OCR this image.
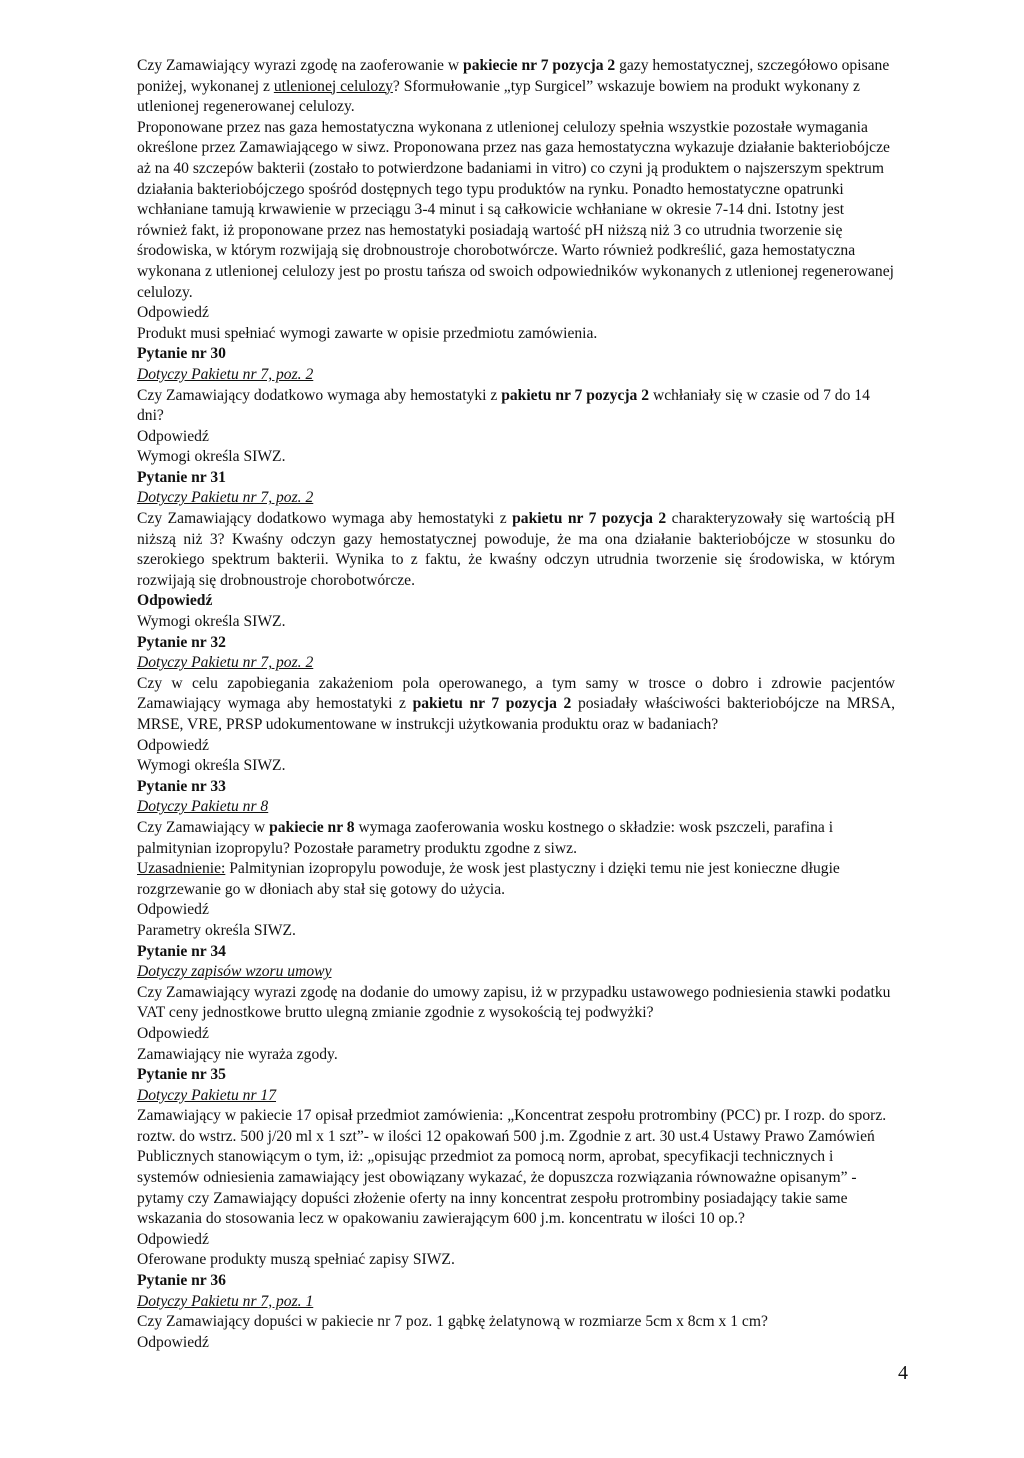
Czy Zamawiający wyrazi zgodę na zaoferowanie w pakiecie nr 7 pozycja 2 gazy hemostatycznej, szczegółowo opisane poniżej, wykonanej z utlenionej celulozy? Sformułowanie „typ Surgicel” wskazuje bowiem na produkt wykonany z utlenionej regenerowanej celulozy.

Proponowane przez nas gaza hemostatyczna wykonana z utlenionej celulozy spełnia wszystkie pozostałe wymagania określone przez Zamawiającego w siwz. Proponowana przez nas gaza hemostatyczna wykazuje działanie bakteriobójcze aż na 40 szczepów bakterii (zostało to potwierdzone badaniami in vitro) co czyni ją produktem o najszerszym spektrum działania bakteriobójczego spośród dostępnych tego typu produktów na rynku. Ponadto hemostatyczne opatrunki wchłaniane tamują krwawienie w przeciągu 3-4 minut i są całkowicie wchłaniane w okresie 7-14 dni. Istotny jest również fakt, iż proponowane przez nas hemostatyki posiadają wartość pH niższą niż 3 co utrudnia tworzenie się środowiska, w którym rozwijają się drobnoustroje chorobotwórcze. Warto również podkreślić, gaza hemostatyczna wykonana z utlenionej celulozy jest po prostu tańsza od swoich odpowiedników wykonanych z utlenionej regenerowanej celulozy.

Odpowiedź

Produkt musi spełniać wymogi zawarte w opisie przedmiotu zamówienia.

Pytanie nr 30

Dotyczy Pakietu nr 7, poz. 2

Czy Zamawiający dodatkowo wymaga aby hemostatyki z pakietu nr 7 pozycja 2 wchłaniały się w czasie od 7 do 14 dni?

Odpowiedź

Wymogi określa SIWZ.

Pytanie nr 31

Dotyczy Pakietu nr 7, poz. 2

Czy Zamawiający dodatkowo wymaga aby hemostatyki z pakietu nr 7 pozycja 2 charakteryzowały się wartością pH niższą niż 3? Kwaśny odczyn gazy hemostatycznej powoduje, że ma ona działanie bakteriobójcze w stosunku do szerokiego spektrum bakterii. Wynika to z faktu, że kwaśny odczyn utrudnia tworzenie się środowiska, w którym rozwijają się drobnoustroje chorobotwórcze.

Odpowiedź

Wymogi określa SIWZ.

Pytanie nr 32

Dotyczy Pakietu nr 7, poz. 2

Czy w celu zapobiegania zakażeniom pola operowanego, a tym samy w trosce o dobro i zdrowie pacjentów Zamawiający wymaga aby hemostatyki z pakietu nr 7 pozycja 2 posiadały właściwości bakteriobójcze na MRSA, MRSE, VRE, PRSP udokumentowane w instrukcji użytkowania produktu oraz w badaniach?

Odpowiedź

Wymogi określa SIWZ.

Pytanie nr 33

Dotyczy Pakietu nr 8

Czy Zamawiający w pakiecie nr 8 wymaga zaoferowania wosku kostnego o składzie: wosk pszczeli, parafina i palmitynian izopropylu? Pozostałe parametry produktu zgodne z siwz.

Uzasadnienie: Palmitynian izopropylu powoduje, że wosk jest plastyczny i dzięki temu nie jest konieczne długie rozgrzewanie go w dłoniach aby stał się gotowy do użycia.

Odpowiedź

Parametry określa SIWZ.

Pytanie nr 34

Dotyczy zapisów wzoru umowy

Czy Zamawiający wyrazi zgodę na dodanie do umowy zapisu, iż w przypadku ustawowego podniesienia stawki podatku VAT ceny jednostkowe brutto ulegną zmianie zgodnie z wysokością tej podwyżki?

Odpowiedź

Zamawiający nie wyraża zgody.

Pytanie nr 35

Dotyczy Pakietu nr 17

Zamawiający w pakiecie 17 opisał przedmiot zamówienia: „Koncentrat zespołu protrombiny (PCC) pr. I rozp. do sporz. roztw. do wstrz. 500 j/20 ml x 1 szt”- w ilości 12 opakowań 500 j.m. Zgodnie z art. 30 ust.4 Ustawy Prawo Zamówień Publicznych stanowiącym o tym, iż: „opisując przedmiot za pomocą norm, aprobat, specyfikacji technicznych i systemów odniesienia zamawiający jest obowiązany wykazać, że dopuszcza rozwiązania równoważne opisanym” -pytamy czy Zamawiający dopuści złożenie oferty na inny koncentrat zespołu protrombiny posiadający takie same wskazania do stosowania lecz w opakowaniu zawierającym 600 j.m. koncentratu w ilości 10 op.?

Odpowiedź

Oferowane produkty muszą spełniać zapisy SIWZ.

Pytanie nr 36

Dotyczy Pakietu nr 7, poz. 1

Czy Zamawiający dopuści w pakiecie nr 7 poz. 1 gąbkę żelatynową w rozmiarze 5cm x 8cm x 1 cm?

Odpowiedź

4
